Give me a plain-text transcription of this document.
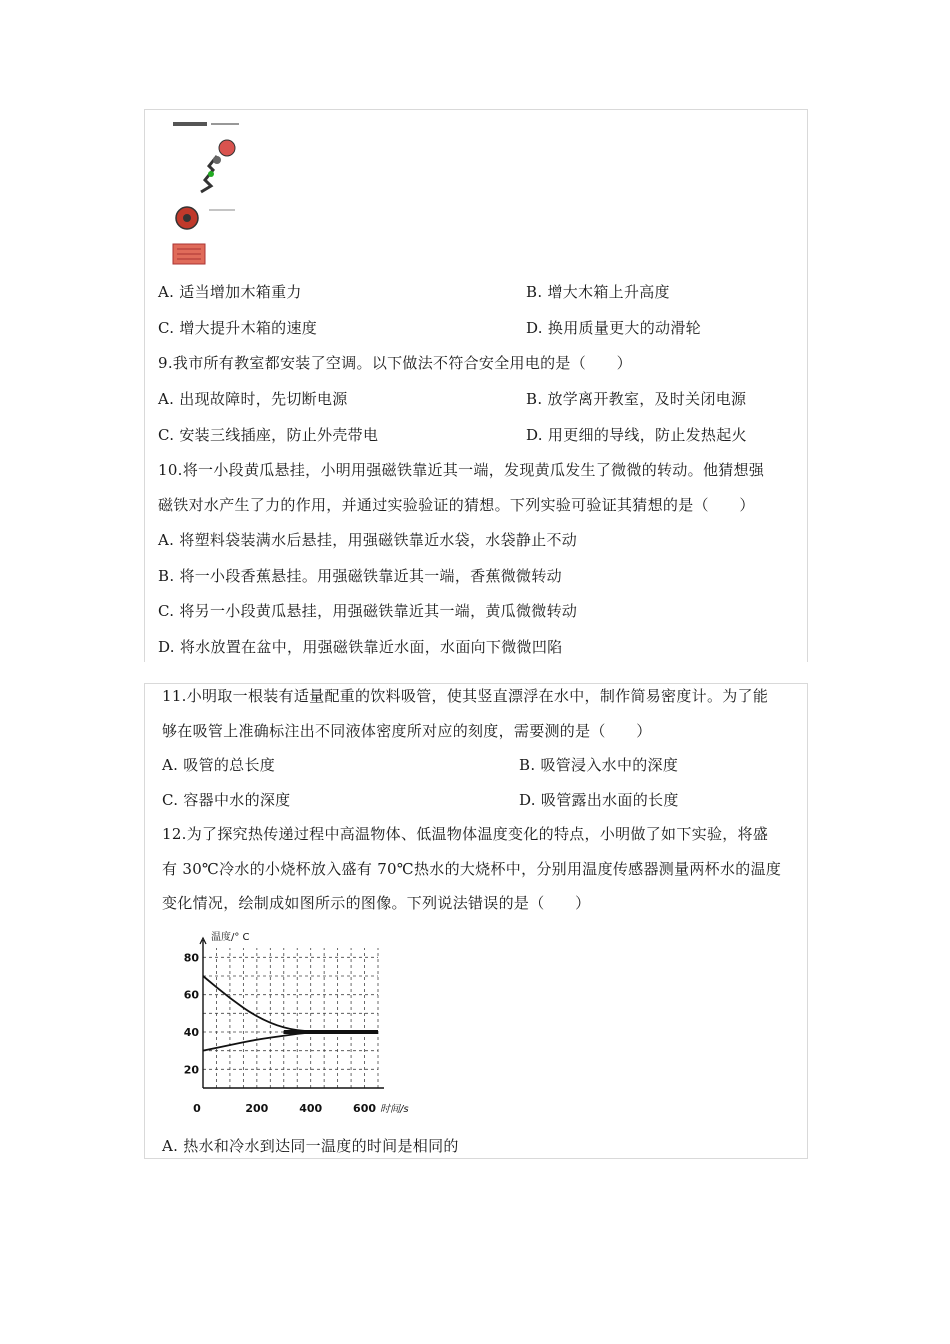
A. 适当增加木箱重力	B. 增大木箱上升高度
C. 增大提升木箱的速度	D. 换用质量更大的动滑轮
9.我市所有教室都安装了空调。以下做法不符合安全用电的是（　　）
A. 出现故障时，先切断电源	B. 放学离开教室，及时关闭电源
C. 安装三线插座，防止外壳带电	D. 用更细的导线，防止发热起火
10.将一小段黄瓜悬挂，小明用强磁铁靠近其一端，发现黄瓜发生了微微的转动。他猜想强
磁铁对水产生了力的作用，并通过实验验证的猜想。下列实验可验证其猜想的是（　　）
A. 将塑料袋装满水后悬挂，用强磁铁靠近水袋，水袋静止不动
B. 将一小段香蕉悬挂。用强磁铁靠近其一端，香蕉微微转动
C. 将另一小段黄瓜悬挂，用强磁铁靠近其一端，黄瓜微微转动
D. 将水放置在盆中，用强磁铁靠近水面，水面向下微微凹陷
11.小明取一根装有适量配重的饮料吸管，使其竖直漂浮在水中，制作简易密度计。为了能
够在吸管上准确标注出不同液体密度所对应的刻度，需要测的是（　　）
A. 吸管的总长度	B. 吸管浸入水中的深度
C. 容器中水的深度	D. 吸管露出水面的长度
12.为了探究热传递过程中高温物体、低温物体温度变化的特点，小明做了如下实验，将盛
有 30℃冷水的小烧杯放入盛有 70℃热水的大烧杯中，分别用温度传感器测量两杯水的温度
变化情况，绘制成如图所示的图像。下列说法错误的是（　　）
20
40
60
80
0	200	400	600
温度/° C
时间/s
A. 热水和冷水到达同一温度的时间是相同的
